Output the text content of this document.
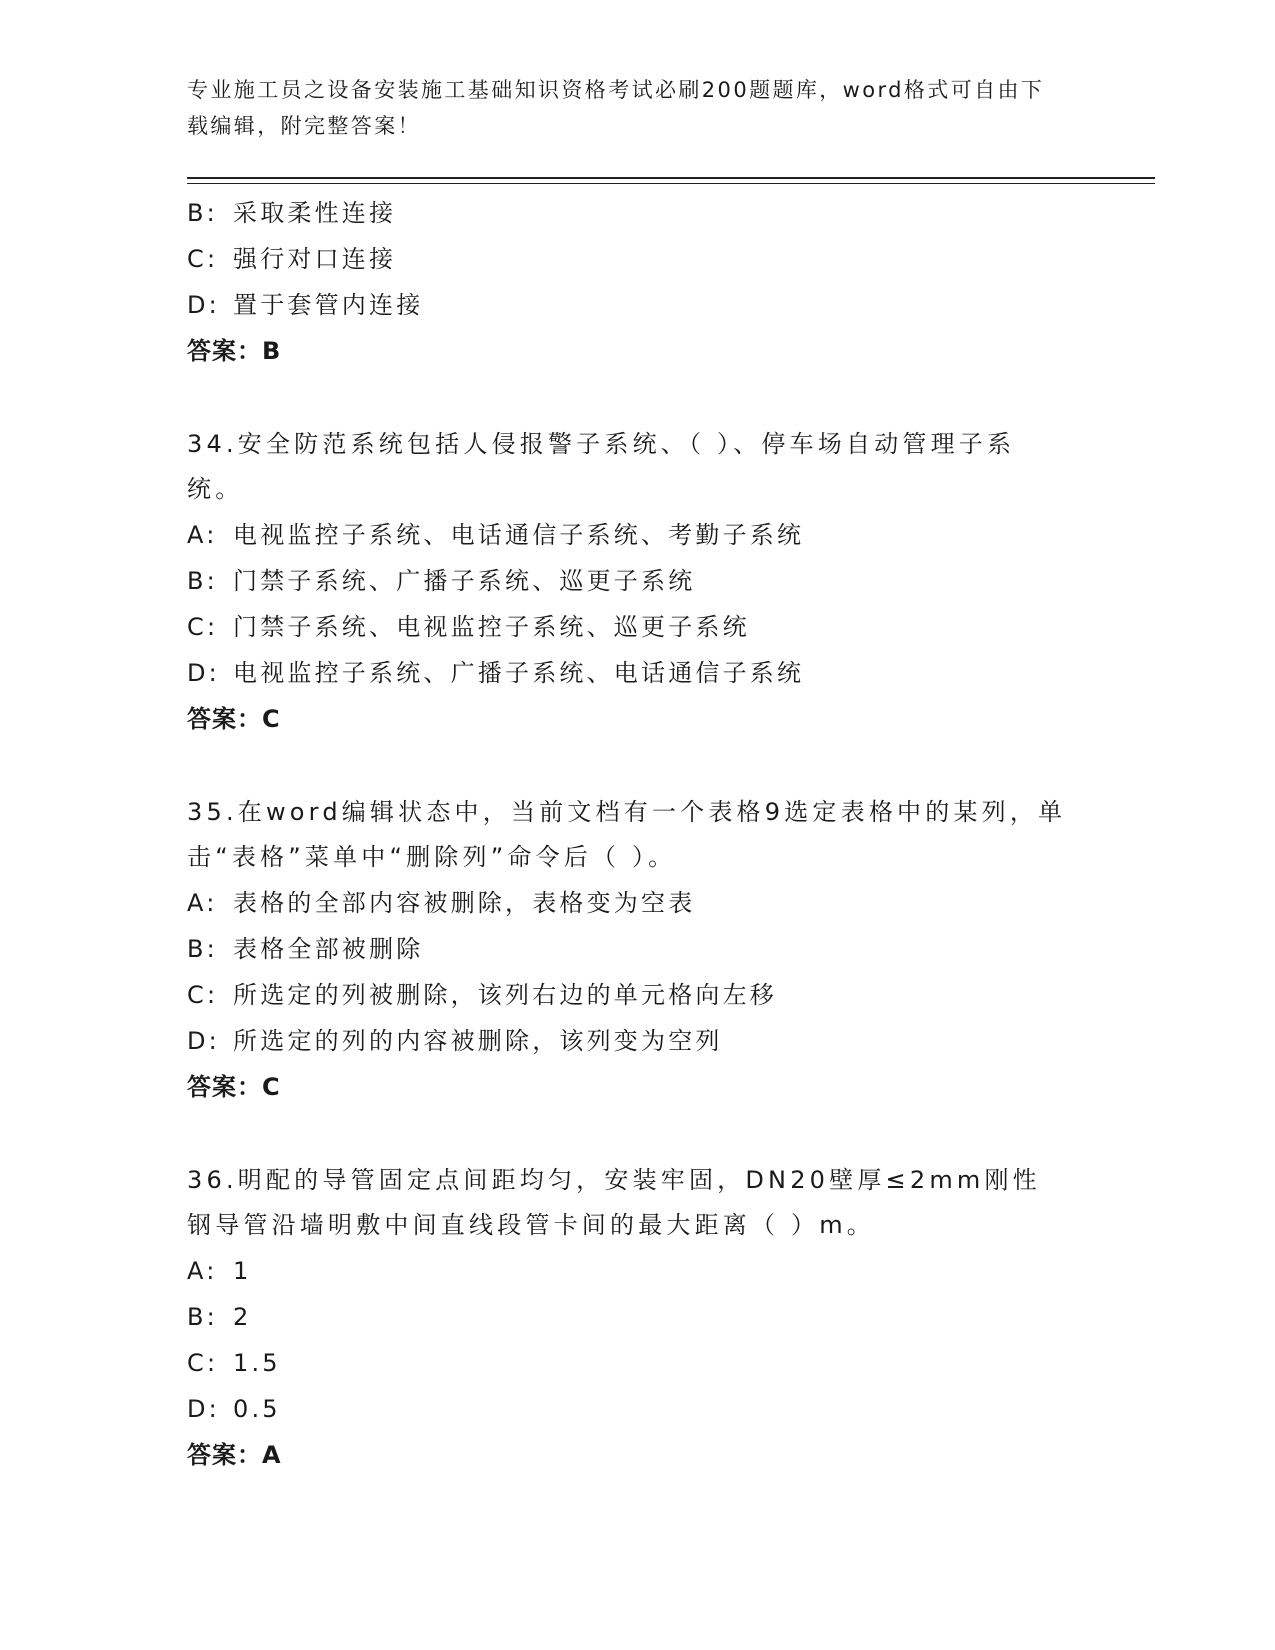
专业施工员之设备安装施工基础知识资格考试必刷200题题库，word格式可自由下载编辑，附完整答案！

B: 采取柔性连接
C: 强行对口连接
D: 置于套管内连接
答案：B

34.安全防范系统包括人侵报警子系统、（ ）、停车场自动管理子系统。

A: 电视监控子系统、电话通信子系统、考勤子系统
B: 门禁子系统、广播子系统、巡更子系统
C: 门禁子系统、电视监控子系统、巡更子系统
D: 电视监控子系统、广播子系统、电话通信子系统
答案：C

35.在word编辑状态中，当前文档有一个表格9选定表格中的某列，单击“表格”菜单中“删除列”命令后（ ）。

A: 表格的全部内容被删除，表格变为空表
B: 表格全部被删除
C: 所选定的列被删除，该列右边的单元格向左移
D: 所选定的列的内容被删除，该列变为空列
答案：C

36.明配的导管固定点间距均匀，安装牢固，DN20壁厚≤2mm刚性钢导管沿墙明敷中间直线段管卡间的最大距离（ ）m。

A: 1
B: 2
C: 1.5
D: 0.5
答案：A
